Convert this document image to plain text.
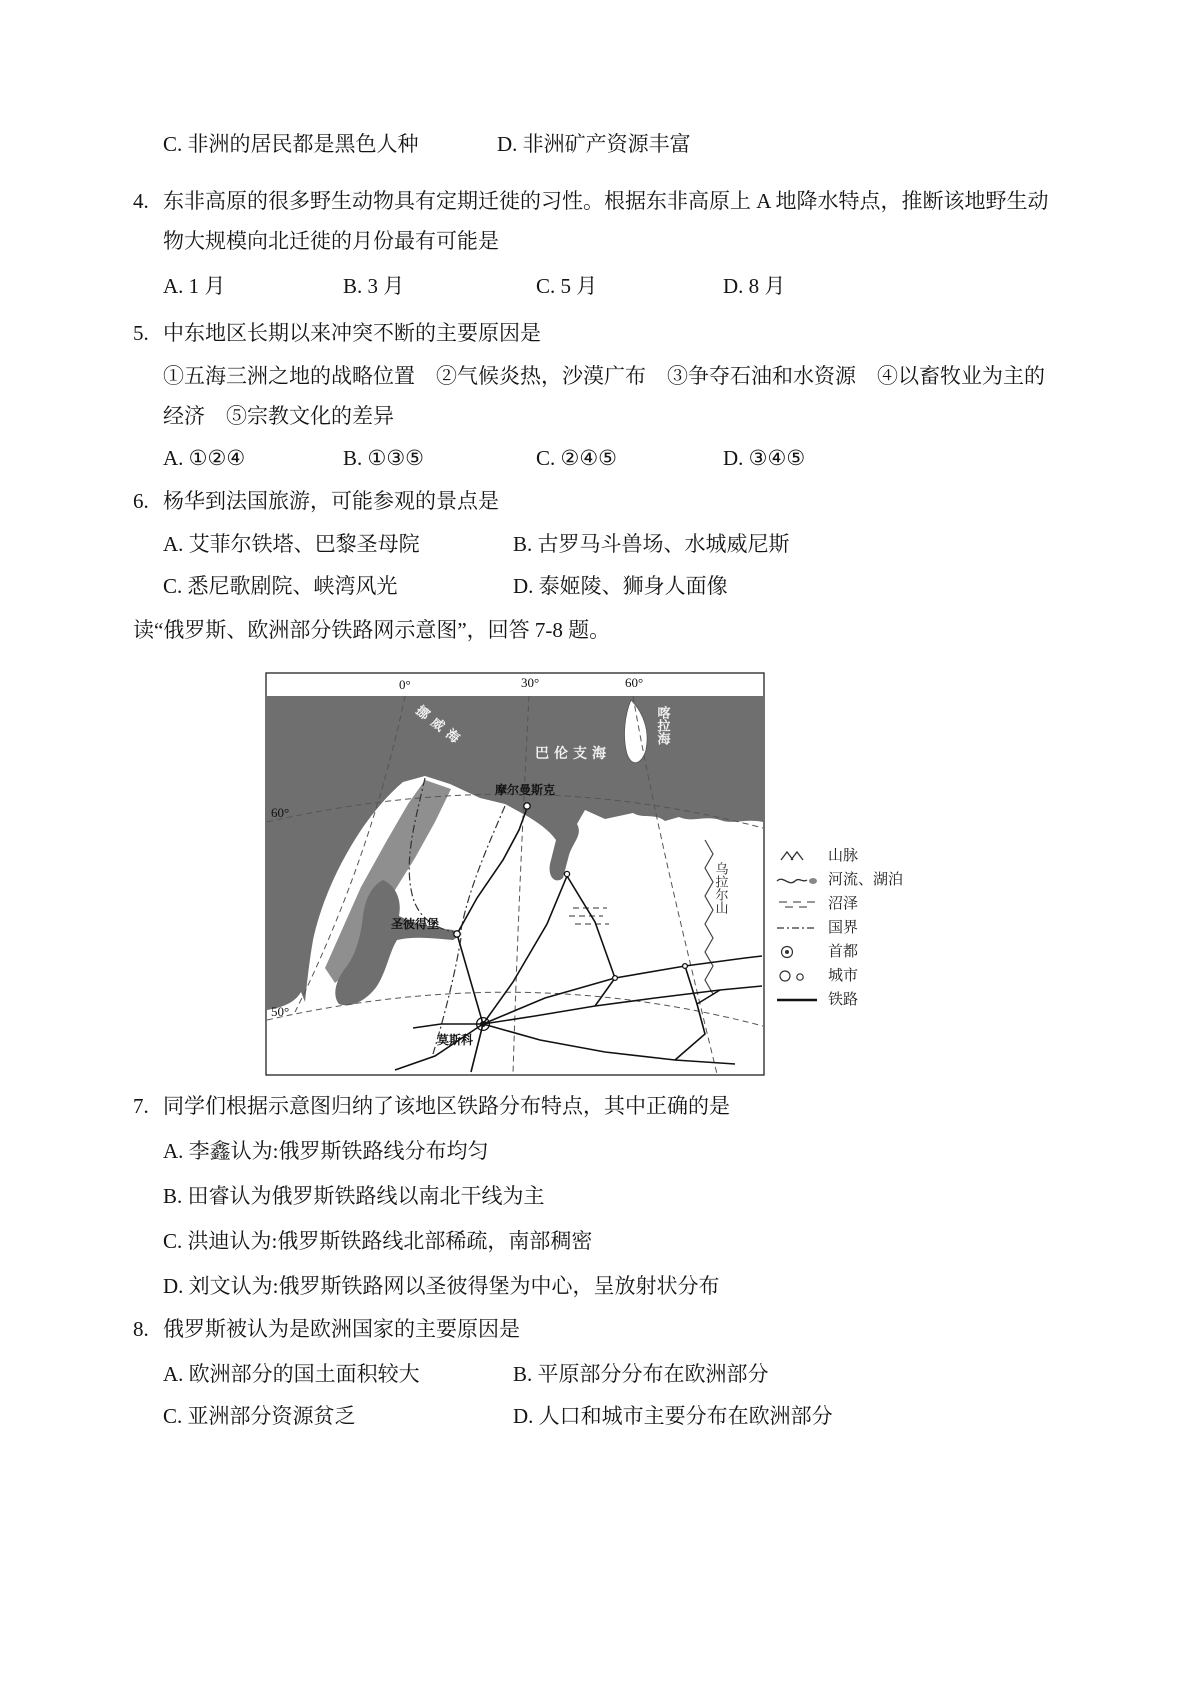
C. 非洲的居民都是黑色人种	D. 非洲矿产资源丰富
4. 东非高原的很多野生动物具有定期迁徙的习性。根据东非高原上 A 地降水特点，推断该地野生动
物大规模向北迁徙的月份最有可能是
A. 1 月	B. 3 月	C. 5 月	D. 8 月
5. 中东地区长期以来冲突不断的主要原因是
①五海三洲之地的战略位置　②气候炎热，沙漠广布　③争夺石油和水资源　④以畜牧业为主的
经济　⑤宗教文化的差异
A. ①②④	B. ①③⑤	C. ②④⑤	D. ③④⑤
6. 杨华到法国旅游，可能参观的景点是
A. 艾菲尔铁塔、巴黎圣母院	B. 古罗马斗兽场、水城威尼斯
C. 悉尼歌剧院、峡湾风光	D. 泰姬陵、狮身人面像
读“俄罗斯、欧洲部分铁路网示意图”，回答 7-8 题。
0°	30°	60°
60°
50°
巴伦支海
挪威海	喀拉海
乌拉尔山
摩尔曼斯克
圣彼得堡
莫斯科
山脉
河流、湖泊
沼泽
国界
首都
城市
铁路
7. 同学们根据示意图归纳了该地区铁路分布特点，其中正确的是
A. 李鑫认为:俄罗斯铁路线分布均匀
B. 田睿认为俄罗斯铁路线以南北干线为主
C. 洪迪认为:俄罗斯铁路线北部稀疏，南部稠密
D. 刘文认为:俄罗斯铁路网以圣彼得堡为中心，呈放射状分布
8. 俄罗斯被认为是欧洲国家的主要原因是
A. 欧洲部分的国土面积较大	B. 平原部分分布在欧洲部分
C. 亚洲部分资源贫乏	D. 人口和城市主要分布在欧洲部分
